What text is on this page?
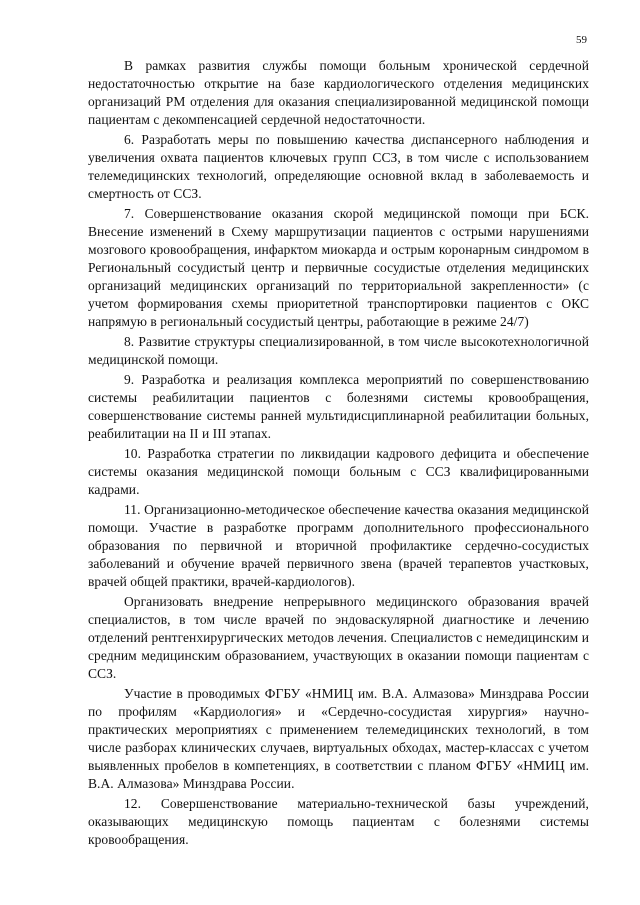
59

В рамках развития службы помощи больным хронической сердечной недостаточностью открытие на базе кардиологического отделения медицинских организаций РМ отделения для оказания специализированной медицинской помощи пациентам с декомпенсацией сердечной недостаточности.

6. Разработать меры по повышению качества диспансерного наблюдения и увеличения охвата пациентов ключевых групп ССЗ, в том числе с использованием телемедицинских технологий, определяющие основной вклад в заболеваемость и смертность от ССЗ.

7. Совершенствование оказания скорой медицинской помощи при БСК. Внесение изменений в Схему маршрутизации пациентов с острыми нарушениями мозгового кровообращения, инфарктом миокарда и острым коронарным синдромом в Региональный сосудистый центр и первичные сосудистые отделения медицинских организаций медицинских организаций по территориальной закрепленности» (с учетом формирования схемы приоритетной транспортировки пациентов с ОКС напрямую в региональный сосудистый центры, работающие в режиме 24/7)

8. Развитие структуры специализированной, в том числе высокотехнологичной медицинской помощи.

9. Разработка и реализация комплекса мероприятий по совершенствованию системы реабилитации пациентов с болезнями системы кровообращения, совершенствование системы ранней мультидисциплинарной реабилитации больных, реабилитации на II и III этапах.

10. Разработка стратегии по ликвидации кадрового дефицита и обеспечение системы оказания медицинской помощи больным с ССЗ квалифицированными кадрами.

11. Организационно-методическое обеспечение качества оказания медицинской помощи. Участие в разработке программ дополнительного профессионального образования по первичной и вторичной профилактике сердечно-сосудистых заболеваний и обучение врачей первичного звена (врачей терапевтов участковых, врачей общей практики, врачей-кардиологов).

Организовать внедрение непрерывного медицинского образования врачей специалистов, в том числе врачей по эндоваскулярной диагностике и лечению отделений рентгенхирургических методов лечения. Специалистов с немедицинским и средним медицинским образованием, участвующих в оказании помощи пациентам с ССЗ.

Участие в проводимых ФГБУ «НМИЦ им. В.А. Алмазова» Минздрава России по профилям «Кардиология» и «Сердечно-сосудистая хирургия» научно-практических мероприятиях с применением телемедицинских технологий, в том числе разборах клинических случаев, виртуальных обходах, мастер-классах с учетом выявленных пробелов в компетенциях, в соответствии с планом ФГБУ «НМИЦ им. В.А. Алмазова» Минздрава России.

12. Совершенствование материально-технической базы учреждений, оказывающих медицинскую помощь пациентам с болезнями системы кровообращения.
